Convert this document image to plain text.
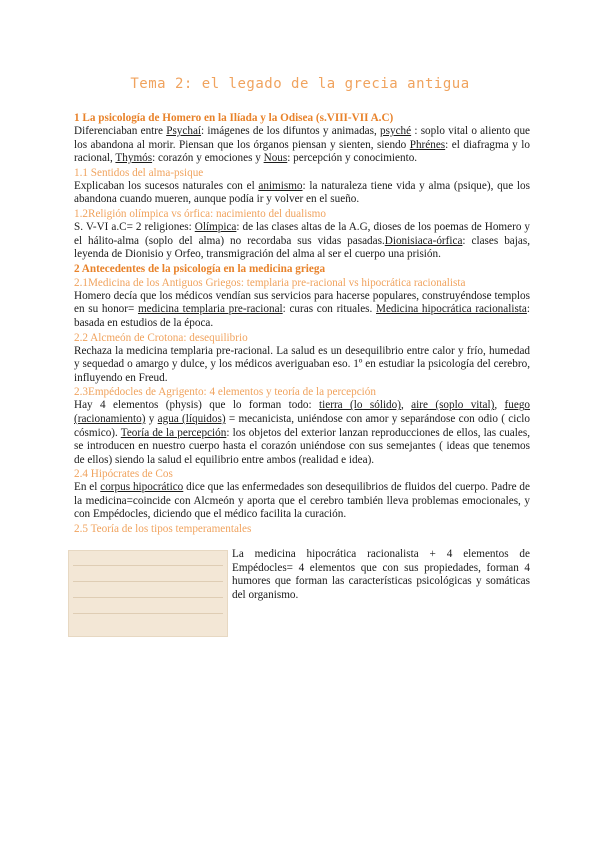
Tema 2: el legado de la grecia antigua
1 La psicología de Homero en la Ilíada y la Odisea (s.VIII-VII A.C)

Diferenciaban entre Psychaí: imágenes de los difuntos y animadas, psyché : soplo vital o aliento que los abandona al morir. Piensan que los órganos piensan y sienten, siendo Phrénes: el diafragma y lo racional, Thymós: corazón y emociones y Nous: percepción y conocimiento.

1.1 Sentidos del alma-psique

Explicaban los sucesos naturales con el animismo: la naturaleza tiene vida y alma (psique), que los abandona cuando mueren, aunque podía ir y volver en el sueño.

1.2Religión olímpica vs órfica: nacimiento del dualismo

S. V-VI a.C= 2 religiones: Olímpica: de las clases altas de la A.G, dioses de los poemas de Homero y el hálito-alma (soplo del alma) no recordaba sus vidas pasadas.Dionisiaca-órfica: clases bajas, leyenda de Dionisio y Orfeo, transmigración del alma al ser el cuerpo una prisión.

2 Antecedentes de la psicología en la medicina griega
2.1Medicina de los Antiguos Griegos: templaria pre-racional vs hipocrática racionalista

Homero decía que los médicos vendían sus servicios para hacerse populares, construyéndose templos en su honor= medicina templaria pre-racional: curas con rituales. Medicina hipocrática racionalista: basada en estudios de la época.

2.2 Alcmeón de Crotona: desequilibrio

Rechaza la medicina templaria pre-racional. La salud es un desequilibrio entre calor y frío, humedad y sequedad o amargo y dulce, y los médicos averiguaban eso. 1º en estudiar la psicología del cerebro, influyendo en Freud.

2.3Empédocles de Agrigento: 4 elementos y teoría de la percepción

Hay 4 elementos (physis) que lo forman todo: tierra (lo sólido), aire (soplo vital), fuego (racionamiento) y agua (líquidos) = mecanicista, uniéndose con amor y separándose con odio ( ciclo cósmico). Teoría de la percepción: los objetos del exterior lanzan reproducciones de ellos, las cuales, se introducen en nuestro cuerpo hasta el corazón uniéndose con sus semejantes ( ideas que tenemos de ellos) siendo la salud el equilibrio entre ambos (realidad e idea).

2.4 Hipócrates de Cos

En el corpus hipocrático dice que las enfermedades son desequilibrios de fluidos del cuerpo. Padre de la medicina=coincide con Alcmeón y aporta que el cerebro también lleva problemas emocionales, y con Empédocles, diciendo que el médico facilita la curación.

2.5 Teoría de los tipos temperamentales

La medicina hipocrática racionalista + 4 elementos de Empédocles= 4 elementos que con sus propiedades, forman 4 humores que forman las características psicológicas y somáticas del organismo.
